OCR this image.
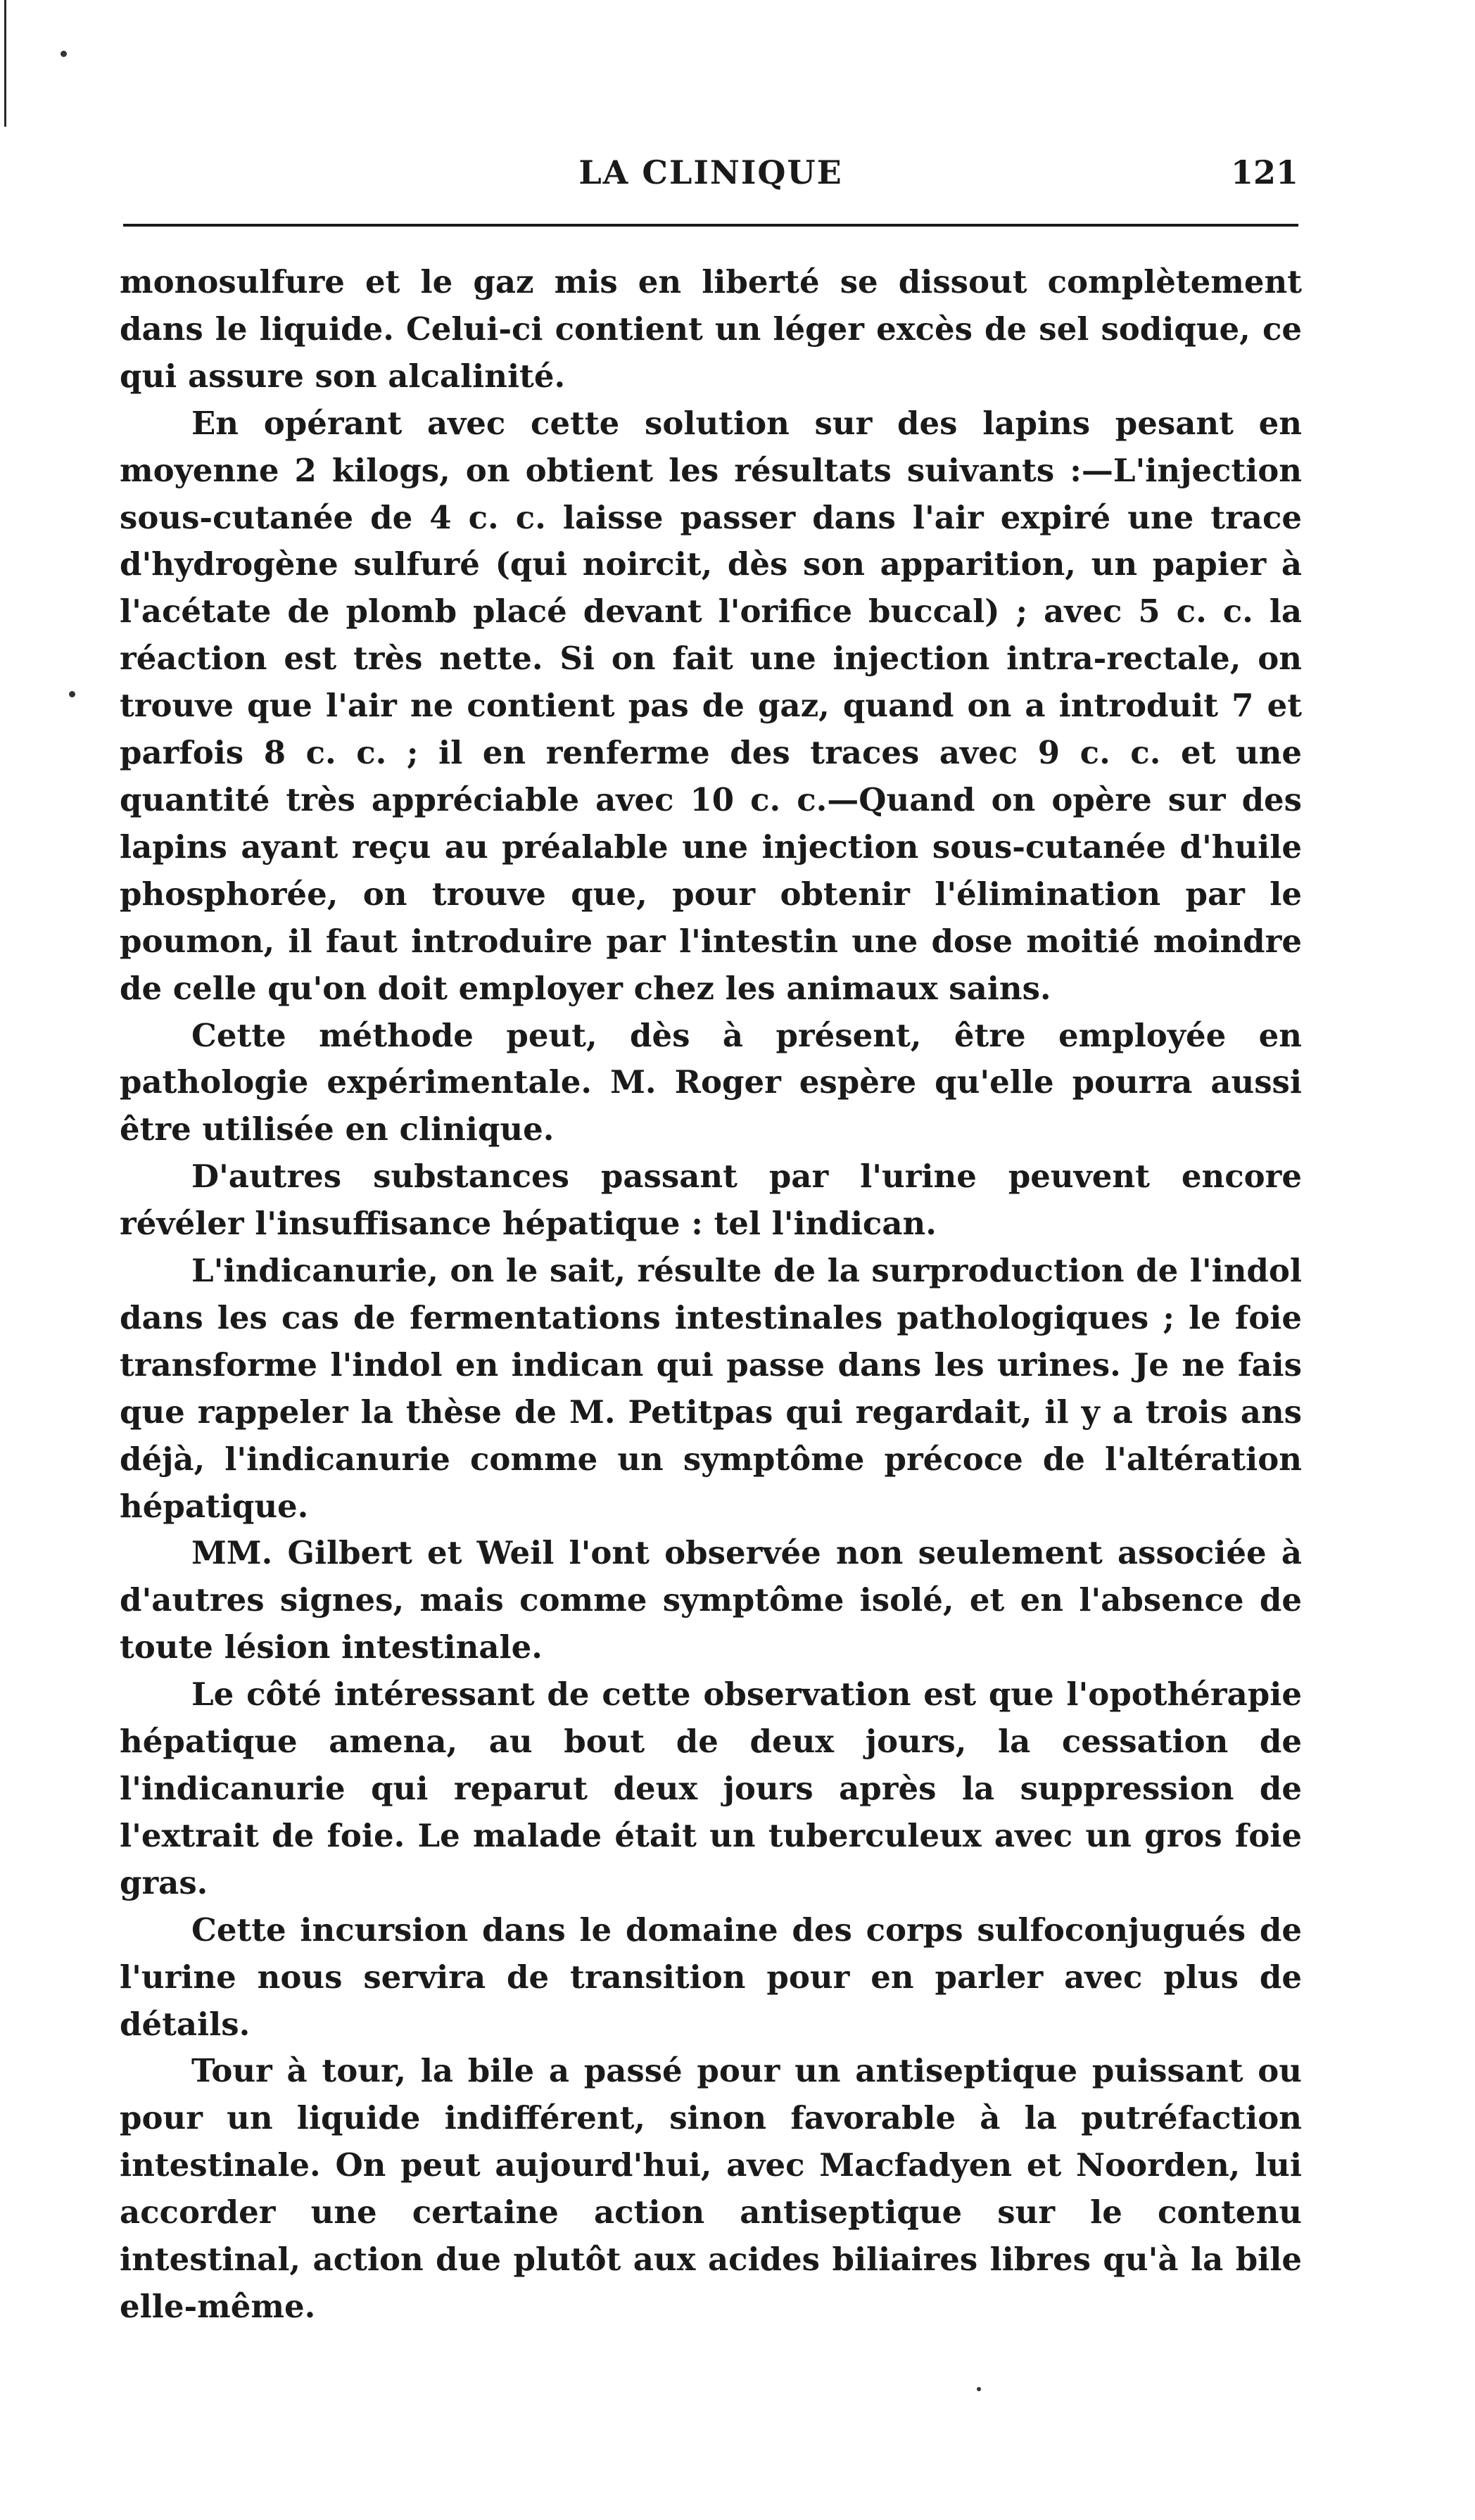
LA CLINIQUE	121

monosulfure et le gaz mis en liberté se dissout complètement dans le liquide. Celui-ci contient un léger excès de sel sodique, ce qui assure son alcalinité.

En opérant avec cette solution sur des lapins pesant en moyenne 2 kilogs, on obtient les résultats suivants :—L'injection sous-cutanée de 4 c. c. laisse passer dans l'air expiré une trace d'hydrogène sulfuré (qui noircit, dès son apparition, un papier à l'acétate de plomb placé devant l'orifice buccal) ; avec 5 c. c. la réaction est très nette. Si on fait une injection intra-rectale, on trouve que l'air ne contient pas de gaz, quand on a introduit 7 et parfois 8 c. c. ; il en renferme des traces avec 9 c. c. et une quantité très appréciable avec 10 c. c.—Quand on opère sur des lapins ayant reçu au préalable une injection sous-cutanée d'huile phosphorée, on trouve que, pour obtenir l'élimination par le poumon, il faut introduire par l'intestin une dose moitié moindre de celle qu'on doit employer chez les animaux sains.

Cette méthode peut, dès à présent, être employée en pathologie expérimentale. M. Roger espère qu'elle pourra aussi être utilisée en clinique.

D'autres substances passant par l'urine peuvent encore révéler l'insuffisance hépatique : tel l'indican.

L'indicanurie, on le sait, résulte de la surproduction de l'indol dans les cas de fermentations intestinales pathologiques ; le foie transforme l'indol en indican qui passe dans les urines. Je ne fais que rappeler la thèse de M. Petitpas qui regardait, il y a trois ans déjà, l'indicanurie comme un symptôme précoce de l'altération hépatique.

MM. Gilbert et Weil l'ont observée non seulement associée à d'autres signes, mais comme symptôme isolé, et en l'absence de toute lésion intestinale.

Le côté intéressant de cette observation est que l'opothérapie hépatique amena, au bout de deux jours, la cessation de l'indicanurie qui reparut deux jours après la suppression de l'extrait de foie. Le malade était un tuberculeux avec un gros foie gras.

Cette incursion dans le domaine des corps sulfoconjugués de l'urine nous servira de transition pour en parler avec plus de détails.

Tour à tour, la bile a passé pour un antiseptique puissant ou pour un liquide indifférent, sinon favorable à la putréfaction intestinale. On peut aujourd'hui, avec Macfadyen et Noorden, lui accorder une certaine action antiseptique sur le contenu intestinal, action due plutôt aux acides biliaires libres qu'à la bile elle-même.
